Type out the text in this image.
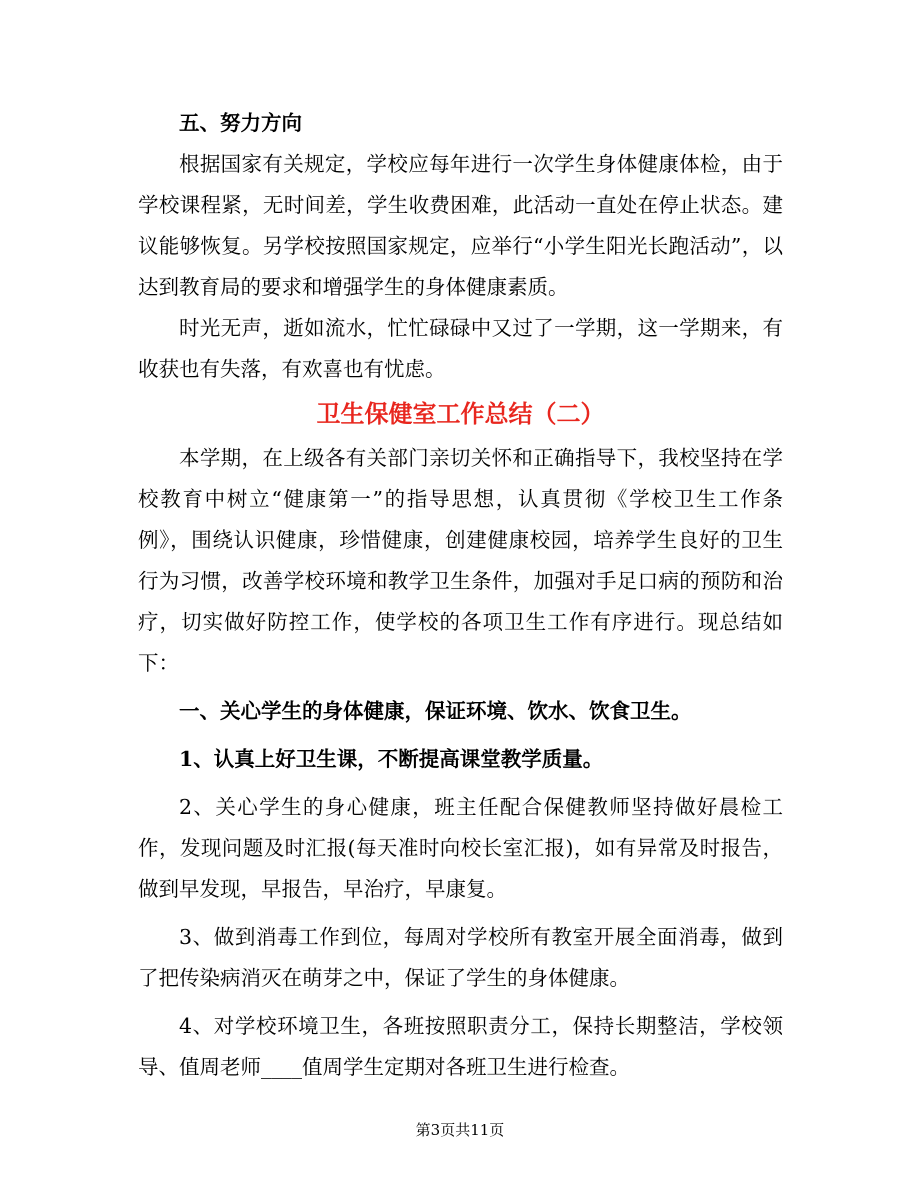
五、努力方向

根据国家有关规定，学校应每年进行一次学生身体健康体检，由于学校课程紧，无时间差，学生收费困难，此活动一直处在停止状态。建议能够恢复。另学校按照国家规定，应举行“小学生阳光长跑活动”，以达到教育局的要求和增强学生的身体健康素质。

时光无声，逝如流水，忙忙碌碌中又过了一学期，这一学期来，有收获也有失落，有欢喜也有忧虑。

卫生保健室工作总结（二）

本学期，在上级各有关部门亲切关怀和正确指导下，我校坚持在学校教育中树立“健康第一”的指导思想，认真贯彻《学校卫生工作条例》，围绕认识健康，珍惜健康，创建健康校园，培养学生良好的卫生行为习惯，改善学校环境和教学卫生条件，加强对手足口病的预防和治疗，切实做好防控工作，使学校的各项卫生工作有序进行。现总结如下：

一、关心学生的身体健康，保证环境、饮水、饮食卫生。

1、认真上好卫生课，不断提高课堂教学质量。

2、关心学生的身心健康，班主任配合保健教师坚持做好晨检工作，发现问题及时汇报(每天准时向校长室汇报)，如有异常及时报告，做到早发现，早报告，早治疗，早康复。

3、做到消毒工作到位，每周对学校所有教室开展全面消毒，做到了把传染病消灭在萌芽之中，保证了学生的身体健康。

4、对学校环境卫生，各班按照职责分工，保持长期整洁，学校领导、值周老师____值周学生定期对各班卫生进行检查。

第3页共11页
